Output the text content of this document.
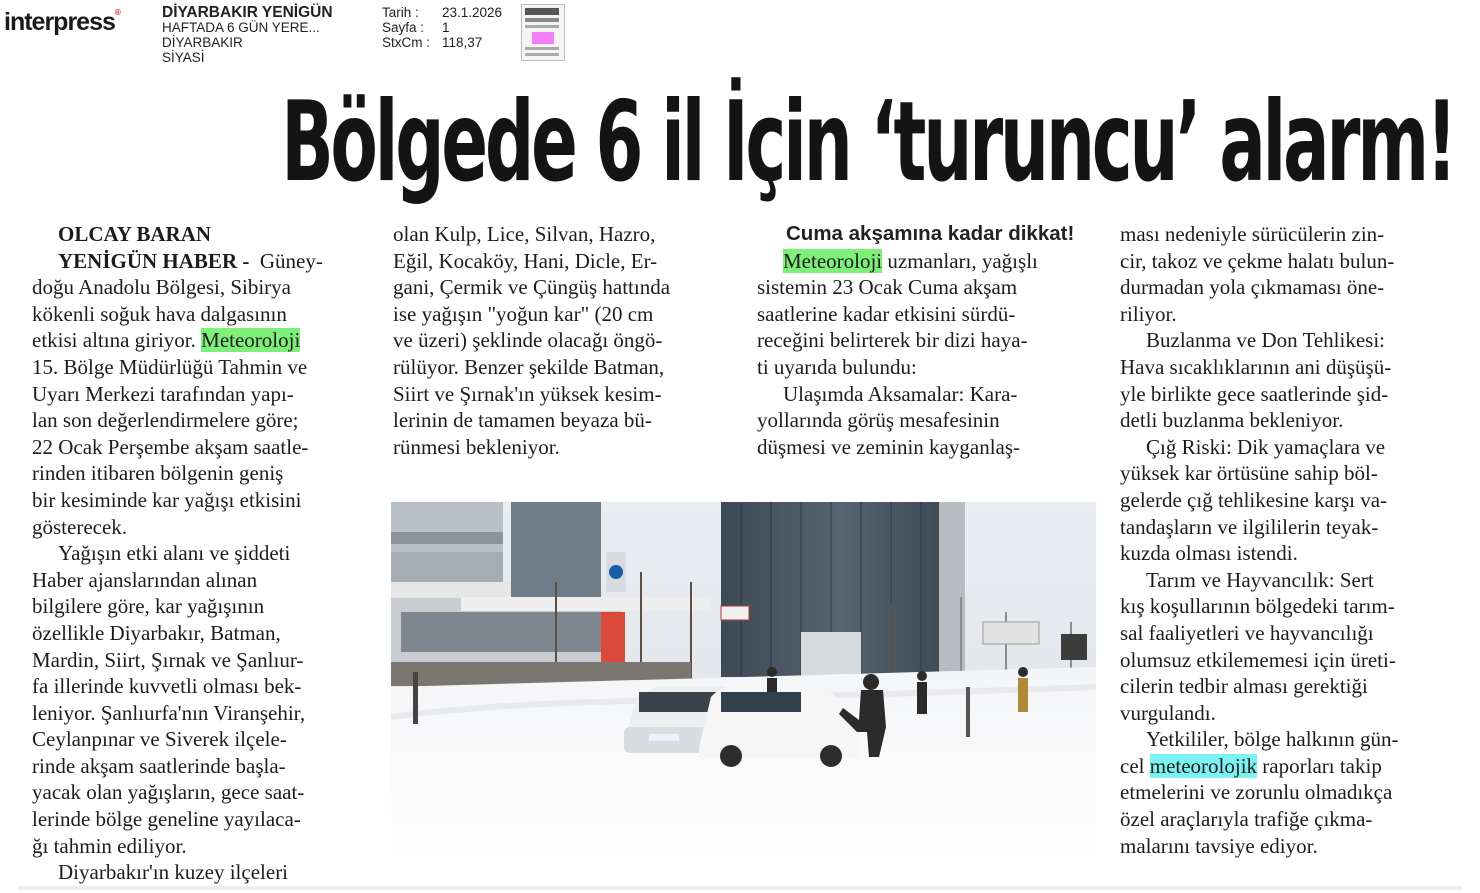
interpress®	DİYARBAKIR YENİGÜN
HAFTADA 6 GÜN YERE...
DİYARBAKIR
SİYASİ
Tarih :	23.1.2026
Sayfa :	1
StxCm : 118,37
Bölgede 6 il İçin ‘turuncu’ alarm!

OLCAY BARAN

YENİGÜN HABER - Güney-

doğu Anadolu Bölgesi, Sibirya

kökenli soğuk hava dalgasının

etkisi altına giriyor. Meteoroloji

15. Bölge Müdürlüğü Tahmin ve

Uyarı Merkezi tarafından yapı-

lan son değerlendirmelere göre;

22 Ocak Perşembe akşam saatle-

rinden itibaren bölgenin geniş

bir kesiminde kar yağışı etkisini

gösterecek.

Yağışın etki alanı ve şiddeti

Haber ajanslarından alınan

bilgilere göre, kar yağışının

özellikle Diyarbakır, Batman,

Mardin, Siirt, Şırnak ve Şanlıur-

fa illerinde kuvvetli olması bek-

leniyor. Şanlıurfa'nın Viranşehir,

Ceylanpınar ve Siverek ilçele-

rinde akşam saatlerinde başla-

yacak olan yağışların, gece saat-

lerinde bölge geneline yayılaca-

ğı tahmin ediliyor.

Diyarbakır'ın kuzey ilçeleri

olan Kulp, Lice, Silvan, Hazro,

Eğil, Kocaköy, Hani, Dicle, Er-

gani, Çermik ve Çüngüş hattında

ise yağışın "yoğun kar" (20 cm

ve üzeri) şeklinde olacağı öngö-

rülüyor. Benzer şekilde Batman,

Siirt ve Şırnak'ın yüksek kesim-

lerinin de tamamen beyaza bü-

rünmesi bekleniyor.

Cuma akşamına kadar dikkat!

Meteoroloji uzmanları, yağışlı

sistemin 23 Ocak Cuma akşam

saatlerine kadar etkisini sürdü-

receğini belirterek bir dizi haya-

ti uyarıda bulundu:

Ulaşımda Aksamalar: Kara-

yollarında görüş mesafesinin

düşmesi ve zeminin kayganlaş-

ması nedeniyle sürücülerin zin-

cir, takoz ve çekme halatı bulun-

durmadan yola çıkmaması öne-

riliyor.

Buzlanma ve Don Tehlikesi:

Hava sıcaklıklarının ani düşüşü-

yle birlikte gece saatlerinde şid-

detli buzlanma bekleniyor.

Çığ Riski: Dik yamaçlara ve

yüksek kar örtüsüne sahip böl-

gelerde çığ tehlikesine karşı va-

tandaşların ve ilgililerin teyak-

kuzda olması istendi.

Tarım ve Hayvancılık: Sert

kış koşullarının bölgedeki tarım-

sal faaliyetleri ve hayvancılığı

olumsuz etkilememesi için üreti-

cilerin tedbir alması gerektiği

vurgulandı.

Yetkililer, bölge halkının gün-

cel meteorolojik raporları takip

etmelerini ve zorunlu olmadıkça

özel araçlarıyla trafiğe çıkma-

malarını tavsiye ediyor.
